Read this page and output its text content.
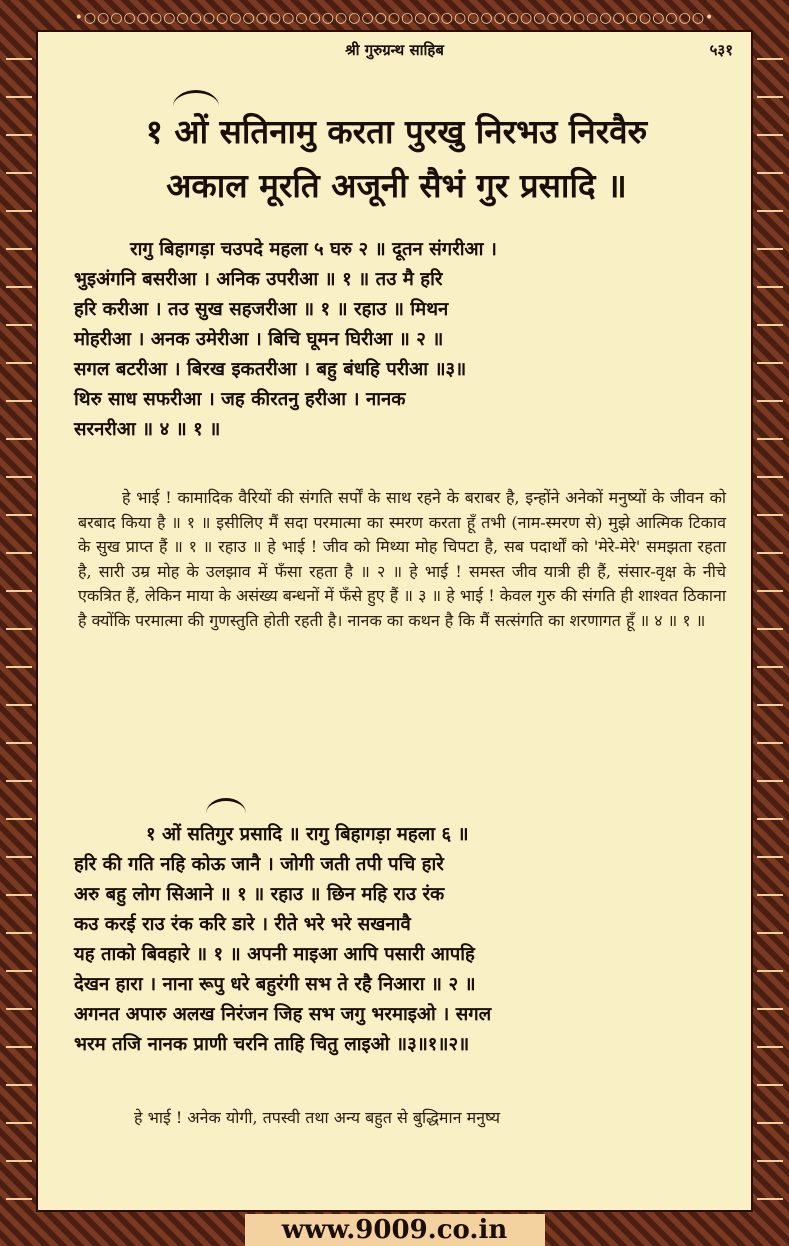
•○○○○○○○○○○○○○○○○○○○○○○○○○○○○○○○○○○○○○○○○○○○○○○○•
श्री गुरुग्रन्थ साहिब	५३१
१ ओं सतिनामु करता पुरखु निरभउ निरवैरु
अकाल मूरति अजूनी सैभं गुर प्रसादि ॥
रागु बिहागड़ा चउपदे महला ५ घरु २ ॥ दूतन संगरीआ ।
भुइअंगनि बसरीआ । अनिक उपरीआ ॥ १ ॥ तउ मै हरि
हरि करीआ । तउ सुख सहजरीआ ॥ १ ॥ रहाउ ॥ मिथन
मोहरीआ । अनक उमेरीआ । बिचि घूमन घिरीआ ॥ २ ॥
सगल बटरीआ । बिरख इकतरीआ । बहु बंधहि परीआ ॥३॥
थिरु साध सफरीआ । जह कीरतनु हरीआ । नानक
सरनरीआ ॥ ४ ॥ १ ॥
हे भाई ! कामादिक वैरियों की संगति सर्पों के साथ रहने के बराबर है, इन्होंने अनेकों मनुष्यों के जीवन को बरबाद किया है ॥ १ ॥ इसीलिए मैं सदा परमात्मा का स्मरण करता हूँ तभी (नाम-स्मरण से) मुझे आत्मिक टिकाव के सुख प्राप्त हैं ॥ १ ॥ रहाउ ॥ हे भाई ! जीव को मिथ्या मोह चिपटा है, सब पदार्थों को 'मेरे-मेरे' समझता रहता है, सारी उम्र मोह के उलझाव में फँसा रहता है ॥ २ ॥ हे भाई ! समस्त जीव यात्री ही हैं, संसार-वृक्ष के नीचे एकत्रित हैं, लेकिन माया के असंख्य बन्धनों में फँसे हुए हैं ॥ ३ ॥ हे भाई ! केवल गुरु की संगति ही शाश्वत ठिकाना है क्योंकि परमात्मा की गुणस्तुति होती रहती है। नानक का कथन है कि मैं सत्संगति का शरणागत हूँ ॥ ४ ॥ १ ॥
१ ओं सतिगुर प्रसादि ॥ रागु बिहागड़ा महला ६ ॥
हरि की गति नहि कोऊ जानै । जोगी जती तपी पचि हारे
अरु बहु लोग सिआने ॥ १ ॥ रहाउ ॥ छिन महि राउ रंक
कउ करई राउ रंक करि डारे । रीते भरे भरे सखनावै
यह ताको बिवहारे ॥ १ ॥ अपनी माइआ आपि पसारी आपहि
देखन हारा । नाना रूपु धरे बहुरंगी सभ ते रहै निआरा ॥ २ ॥
अगनत अपारु अलख निरंजन जिह सभ जगु भरमाइओ । सगल
भरम तजि नानक प्राणी चरनि ताहि चितु लाइओ ॥३॥१॥२॥
हे भाई ! अनेक योगी, तपस्वी तथा अन्य बहुत से बुद्धिमान मनुष्य
www.9009.co.in
